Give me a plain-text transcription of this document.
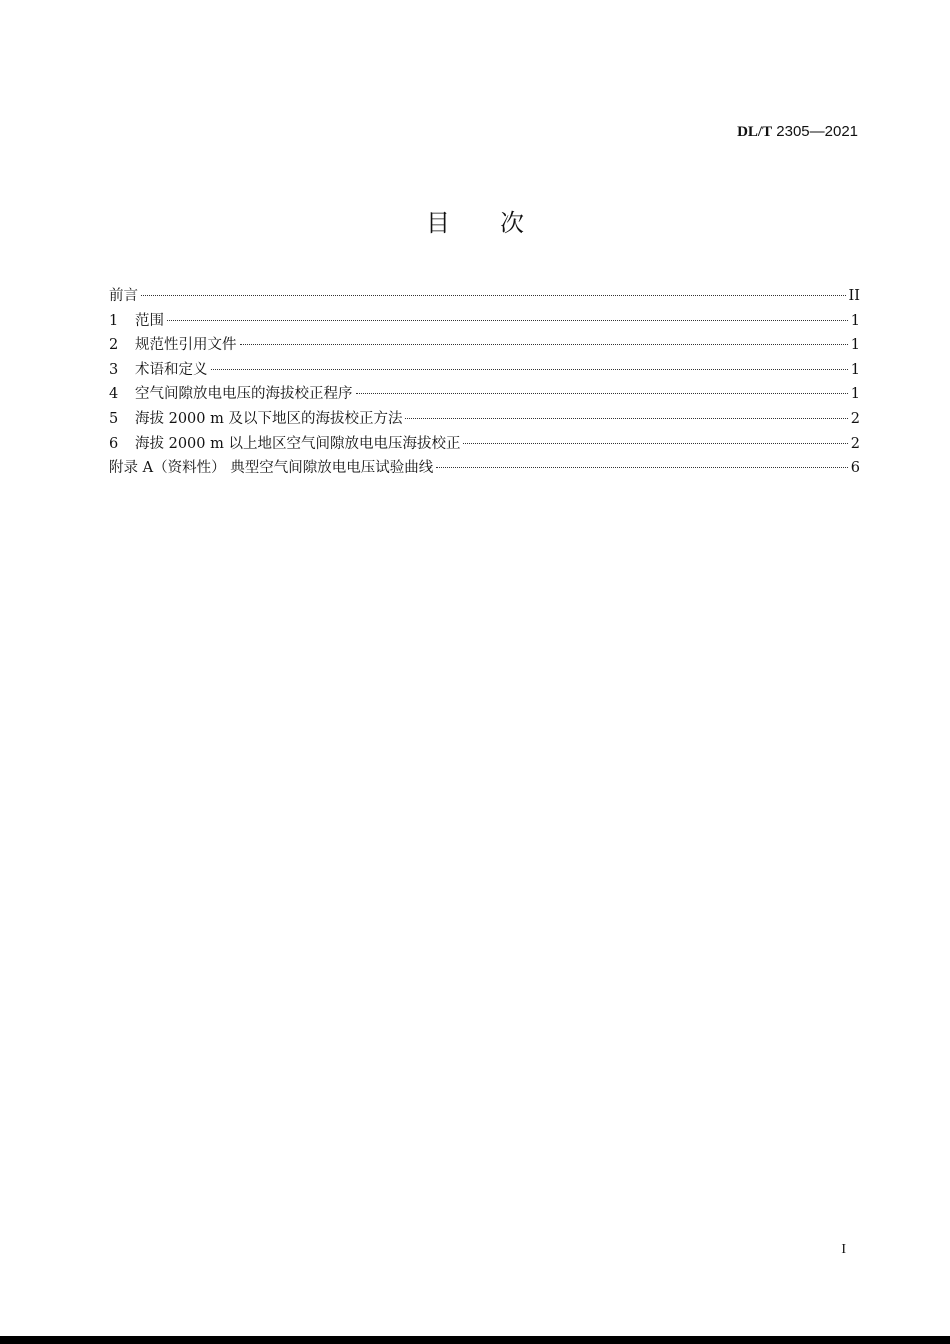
DL/T 2305—2021
目次
前言	II
1	范围	1
2	规范性引用文件	1
3	术语和定义	1
4	空气间隙放电电压的海拔校正程序	1
5	海拔 2000 m 及以下地区的海拔校正方法	2
6	海拔 2000 m 以上地区空气间隙放电电压海拔校正	2
附录 A（资料性） 典型空气间隙放电电压试验曲线	6
I
